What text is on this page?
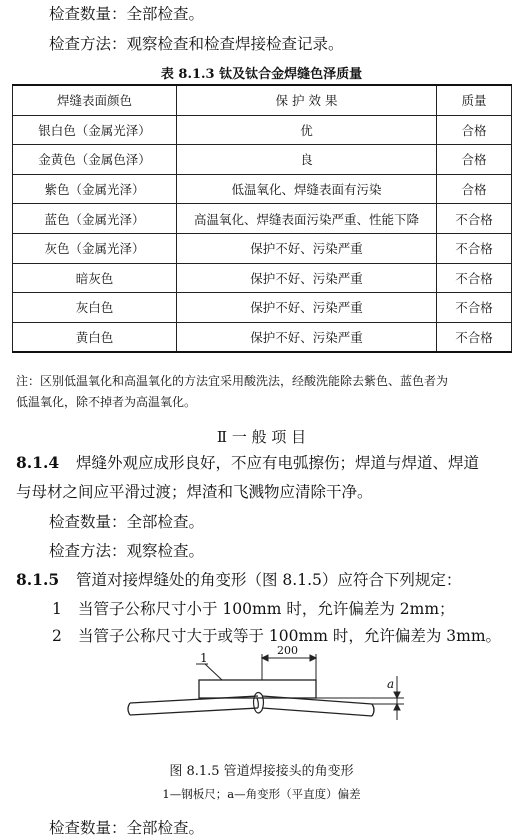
检查数量：全部检查。
检查方法：观察检查和检查焊接检查记录。
表 8.1.3 钛及钛合金焊缝色泽质量
焊缝表面颜色	保 护 效 果	质量
银白色（金属光泽）	优	合格
金黄色（金属色泽）	良	合格
紫色（金属光泽）	低温氧化、焊缝表面有污染	合格
蓝色（金属光泽）	高温氧化、焊缝表面污染严重、性能下降	不合格
灰色（金属光泽）	保护不好、污染严重	不合格
暗灰色	保护不好、污染严重	不合格
灰白色	保护不好、污染严重	不合格
黄白色	保护不好、污染严重	不合格
注：区别低温氧化和高温氧化的方法宜采用酸洗法，经酸洗能除去紫色、蓝色者为
低温氧化，除不掉者为高温氧化。
Ⅱ 一 般 项 目
8.1.4 焊缝外观应成形良好，不应有电弧擦伤；焊道与焊道、焊道
与母材之间应平滑过渡；焊渣和飞溅物应清除干净。
检查数量：全部检查。
检查方法：观察检查。
8.1.5 管道对接焊缝处的角变形（图 8.1.5）应符合下列规定：
1 当管子公称尺寸小于 100mm 时，允许偏差为 2mm；
2 当管子公称尺寸大于或等于 100mm 时，允许偏差为 3mm。
1
200
a
图 8.1.5 管道焊接接头的角变形
1—钢板尺；a—角变形（平直度）偏差
检查数量：全部检查。
